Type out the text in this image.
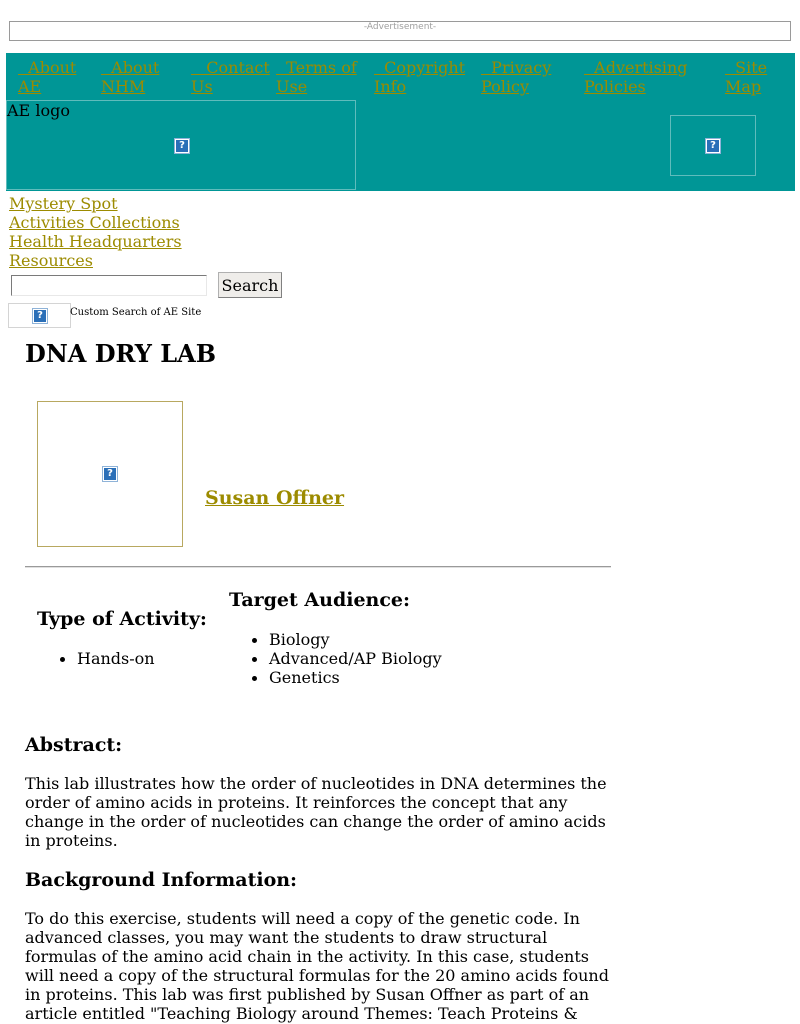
-Advertisement-
About
AE
About
NHM
Contact
Us
Terms of
Use
Copyright
Info
Privacy
Policy
Advertising
Policies
Site
Map
AE logo
?	?
Mystery Spot
Activities Collections
Health Headquarters
Resources
Search
?	Custom Search of AE Site
DNA DRY LAB
?
Susan Offner
Type of Activity:
Hands-on
Target Audience:
Biology
Advanced/AP Biology
Genetics
Abstract:

This lab illustrates how the order of nucleotides in DNA determines the
order of amino acids in proteins. It reinforces the concept that any
change in the order of nucleotides can change the order of amino acids
in proteins.

Background Information:

To do this exercise, students will need a copy of the genetic code. In
advanced classes, you may want the students to draw structural
formulas of the amino acid chain in the activity. In this case, students
will need a copy of the structural formulas for the 20 amino acids found
in proteins. This lab was first published by Susan Offner as part of an
article entitled "Teaching Biology around Themes: Teach Proteins &
